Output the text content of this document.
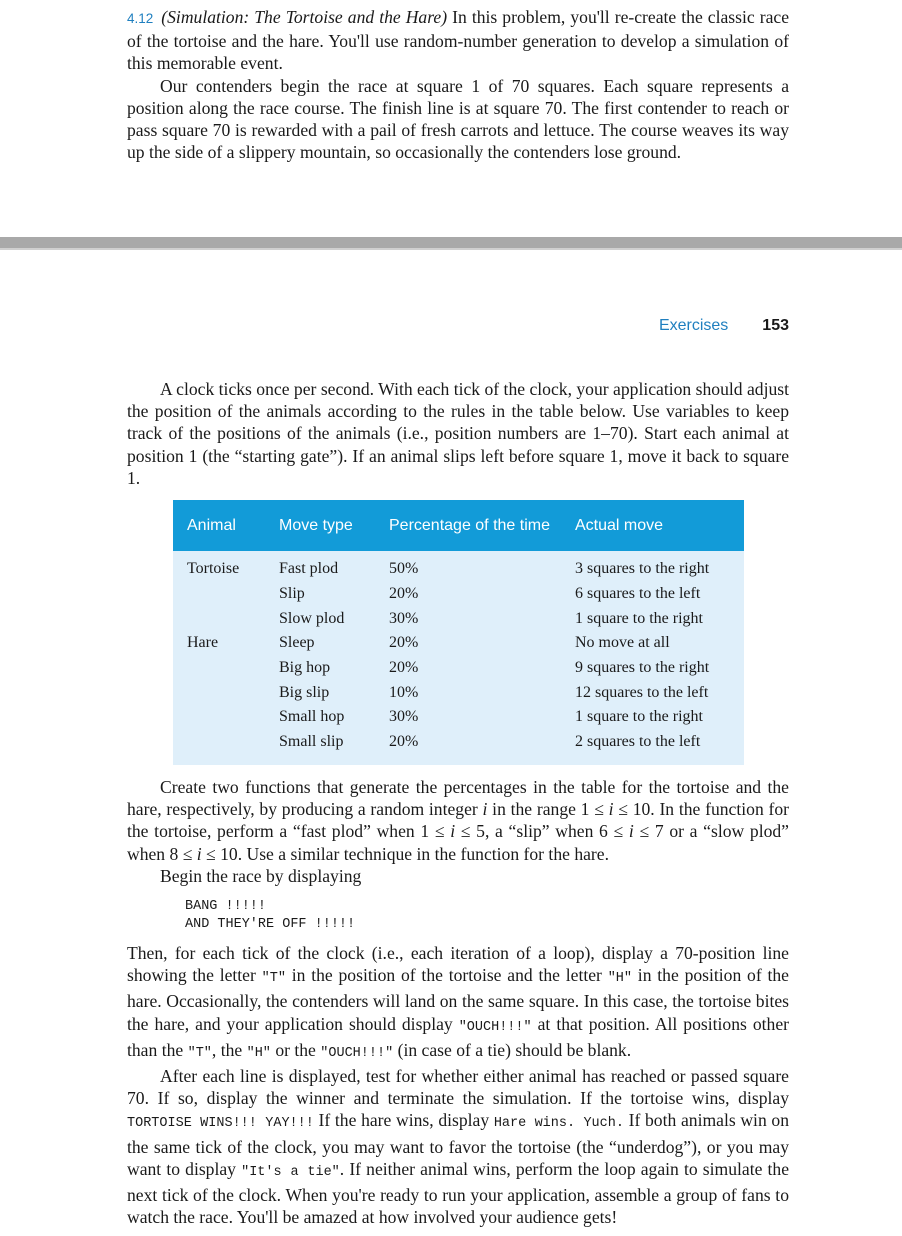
4.12 (Simulation: The Tortoise and the Hare) In this problem, you'll re-create the classic race of the tortoise and the hare. You'll use random-number generation to develop a simulation of this memorable event.

Our contenders begin the race at square 1 of 70 squares. Each square represents a position along the race course. The finish line is at square 70. The first contender to reach or pass square 70 is rewarded with a pail of fresh carrots and lettuce. The course weaves its way up the side of a slippery mountain, so occasionally the contenders lose ground.

Exercises 153

A clock ticks once per second. With each tick of the clock, your application should adjust the position of the animals according to the rules in the table below. Use variables to keep track of the positions of the animals (i.e., position numbers are 1–70). Start each animal at position 1 (the “starting gate”). If an animal slips left before square 1, move it back to square 1.

Animal	Move type	Percentage of the time	Actual move
Tortoise	Fast plod	50%	3 squares to the right
	Slip	20%	6 squares to the left
	Slow plod	30%	1 square to the right
Hare	Sleep	20%	No move at all
	Big hop	20%	9 squares to the right
	Big slip	10%	12 squares to the left
	Small hop	30%	1 square to the right
	Small slip	20%	2 squares to the left

Create two functions that generate the percentages in the table for the tortoise and the hare, respectively, by producing a random integer i in the range 1 ≤ i ≤ 10. In the function for the tortoise, perform a “fast plod” when 1 ≤ i ≤ 5, a “slip” when 6 ≤ i ≤ 7 or a “slow plod” when 8 ≤ i ≤ 10. Use a similar technique in the function for the hare.

Begin the race by displaying

BANG !!!!!
AND THEY'RE OFF !!!!!

Then, for each tick of the clock (i.e., each iteration of a loop), display a 70-position line showing the letter "T" in the position of the tortoise and the letter "H" in the position of the hare. Occasionally, the contenders will land on the same square. In this case, the tortoise bites the hare, and your application should display "OUCH!!!" at that position. All positions other than the "T", the "H" or the "OUCH!!!" (in case of a tie) should be blank.

After each line is displayed, test for whether either animal has reached or passed square 70. If so, display the winner and terminate the simulation. If the tortoise wins, display TORTOISE WINS!!! YAY!!! If the hare wins, display Hare wins. Yuch. If both animals win on the same tick of the clock, you may want to favor the tortoise (the “underdog”), or you may want to display "It's a tie". If neither animal wins, perform the loop again to simulate the next tick of the clock. When you're ready to run your application, assemble a group of fans to watch the race. You'll be amazed at how involved your audience gets!
